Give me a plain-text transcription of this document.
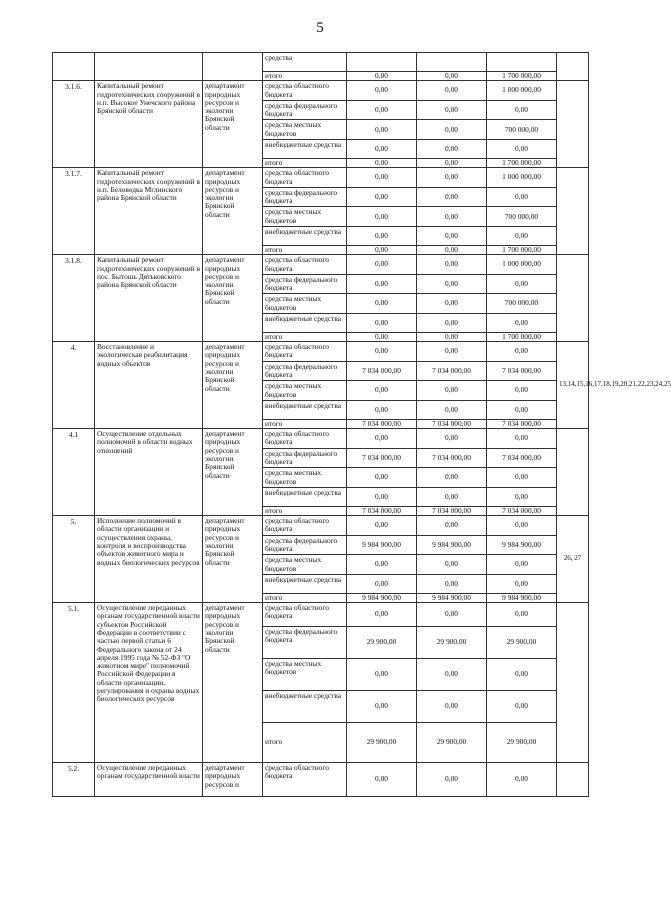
5
			средства				
			итого	0,00	0,00	1 700 000,00	
3.1.6.	Капитальный ремонт гидротехнических сооружений в н.п. Высокое Унечского района Брянской области	департамент природных ресурсов и экологии Брянской области	средства областного бюджета	0,00	0,00	1 000 000,00	
			средства федерального бюджета	0,00	0,00	0,00	
			средства местных бюджетов	0,00	0,00	700 000,00	
			внебюджетные средства	0,00	0,00	0,00	
			итого	0,00	0,00	1 700 000,00	
3.1.7.	Капитальный ремонт гидротехнических сооружений в н.п. Беловодка Мглинского района Брянской области	департамент природных ресурсов и экологии Брянской области	средства областного бюджета	0,00	0,00	1 000 000,00	
			средства федерального бюджета	0,00	0,00	0,00	
			средства местных бюджетов	0,00	0,00	700 000,00	
			внебюджетные средства	0,00	0,00	0,00	
			итого	0,00	0,00	1 700 000,00	
3.1.8.	Капитальный ремонт гидротехнических сооружений в пос. Бытошь Дятьковского района Брянской области	департамент природных ресурсов и экологии Брянской области	средства областного бюджета	0,00	0,00	1 000 000,00	
			средства федерального бюджета	0,00	0,00	0,00	
			средства местных бюджетов	0,00	0,00	700 000,00	
			внебюджетные средства	0,00	0,00	0,00	
			итого	0,00	0,00	1 700 000,00	
4.	Восстановление и экологическая реабилитация водных объектов	департамент природных ресурсов и экологии Брянской области	средства областного бюджета	0,00	0,00	0,00	13,14,15,16,17,18,19,20,21,22,23,24,25
			средства федерального бюджета	7 034 000,00	7 034 000,00	7 034 000,00	
			средства местных бюджетов	0,00	0,00	0,00	
			внебюджетные средства	0,00	0,00	0,00	
			итого	7 034 000,00	7 034 000,00	7 034 000,00	
4.1	Осуществление отдельных полномочий в области водных отношений	департамент природных ресурсов и экологии Брянской области	средства областного бюджета	0,00	0,00	0,00	
			средства федерального бюджета	7 034 000,00	7 034 000,00	7 034 000,00	
			средства местных бюджетов	0,00	0,00	0,00	
			внебюджетные средства	0,00	0,00	0,00	
			итого	7 034 000,00	7 034 000,00	7 034 000,00	
5.	Исполнение полномочий в области организации и осуществления охраны, контроля и воспроизводства объектов животного мира и водных биологических ресурсов	департамент природных ресурсов и экологии Брянской области	средства областного бюджета	0,00	0,00	0,00	26, 27
			средства федерального бюджета	9 984 900,00	9 984 900,00	9 984 900,00	
			средства местных бюджетов	0,00	0,00	0,00	
			внебюджетные средства	0,00	0,00	0,00	
			итого	9 984 900,00	9 984 900,00	9 984 900,00	
5.1.	Осуществление переданных органам государственной власти субъектов Российской Федерации в соответствии с частью первой статьи 6 Федерального закона от 24 апреля 1995 года № 52-ФЗ "О животном мире" полномочий Российской Федерации в области организации, регулирования и охраны водных биологических ресурсов	департамент природных ресурсов и экологии Брянской области	средства областного бюджета	0,00	0,00	0,00	
			средства федерального бюджета	29 900,00	29 900,00	29 900,00	
			средства местных бюджетов	0,00	0,00	0,00	
			внебюджетные средства	0,00	0,00	0,00	
			итого	29 900,00	29 900,00	29 900,00	
5.2.	Осуществление переданных органам государственной власти	департамент природных ресурсов и	средства областного бюджета	0,00	0,00	0,00	
